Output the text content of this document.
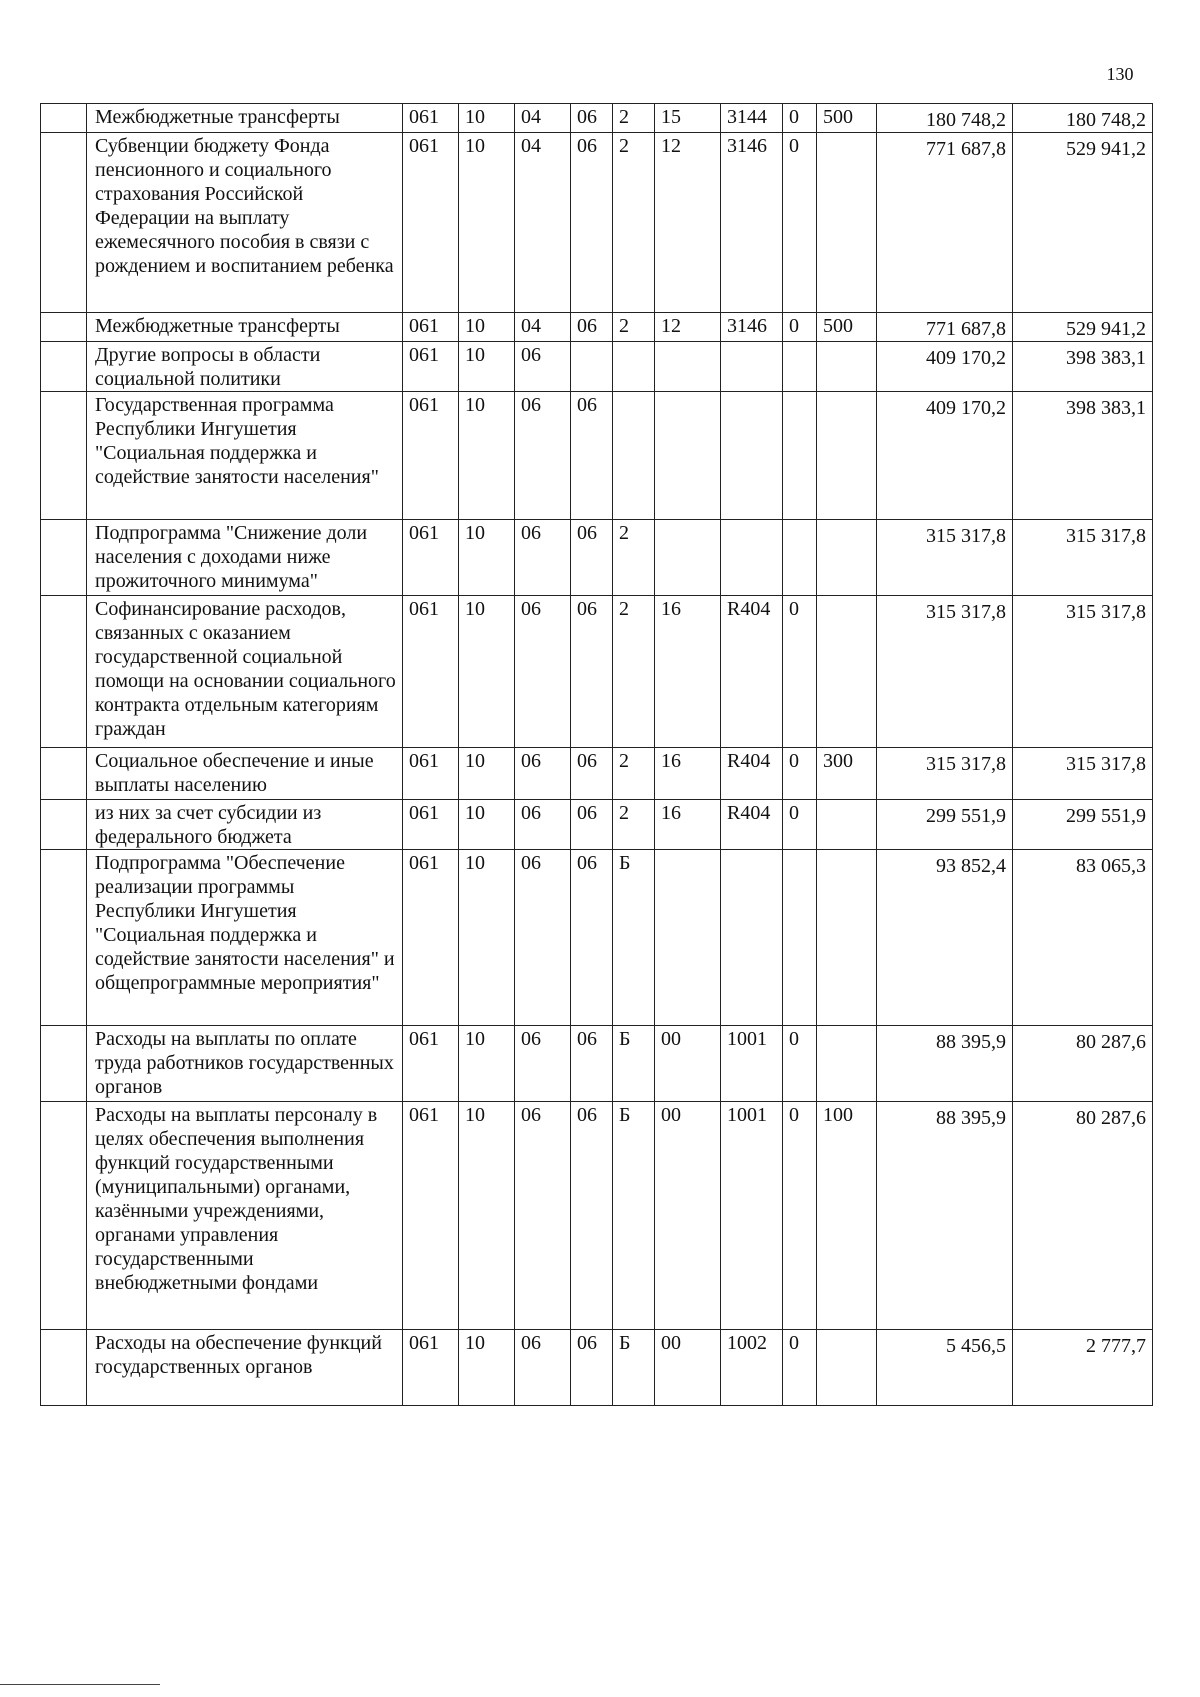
130
	Межбюджетные трансферты	061	10	04	06	2	15	3144	0	500	180 748,2	180 748,2
	Субвенции бюджету Фонда пенсионного и социального страхования Российской Федерации на выплату ежемесячного пособия в связи с рождением и воспитанием ребенка	061	10	04	06	2	12	3146	0		771 687,8	529 941,2
	Межбюджетные трансферты	061	10	04	06	2	12	3146	0	500	771 687,8	529 941,2
	Другие вопросы в области социальной политики	061	10	06							409 170,2	398 383,1
	Государственная программа Республики Ингушетия "Социальная поддержка и содействие занятости населения"	061	10	06	06						409 170,2	398 383,1
	Подпрограмма "Снижение доли населения с доходами ниже прожиточного минимума"	061	10	06	06	2					315 317,8	315 317,8
	Софинансирование расходов, связанных с оказанием государственной социальной помощи на основании социального контракта отдельным категориям граждан	061	10	06	06	2	16	R404	0		315 317,8	315 317,8
	Социальное обеспечение и иные выплаты населению	061	10	06	06	2	16	R404	0	300	315 317,8	315 317,8
	из них за счет субсидии из федерального бюджета	061	10	06	06	2	16	R404	0		299 551,9	299 551,9
	Подпрограмма "Обеспечение реализации программы Республики Ингушетия "Социальная поддержка и содействие занятости населения" и общепрограммные мероприятия"	061	10	06	06	Б					93 852,4	83 065,3
	Расходы на выплаты по оплате труда работников государственных органов	061	10	06	06	Б	00	1001	0		88 395,9	80 287,6
	Расходы на выплаты персоналу в целях обеспечения выполнения функций государственными (муниципальными) органами, казёнными учреждениями, органами управления государственными внебюджетными фондами	061	10	06	06	Б	00	1001	0	100	88 395,9	80 287,6
	Расходы на обеспечение функций государственных органов	061	10	06	06	Б	00	1002	0		5 456,5	2 777,7
